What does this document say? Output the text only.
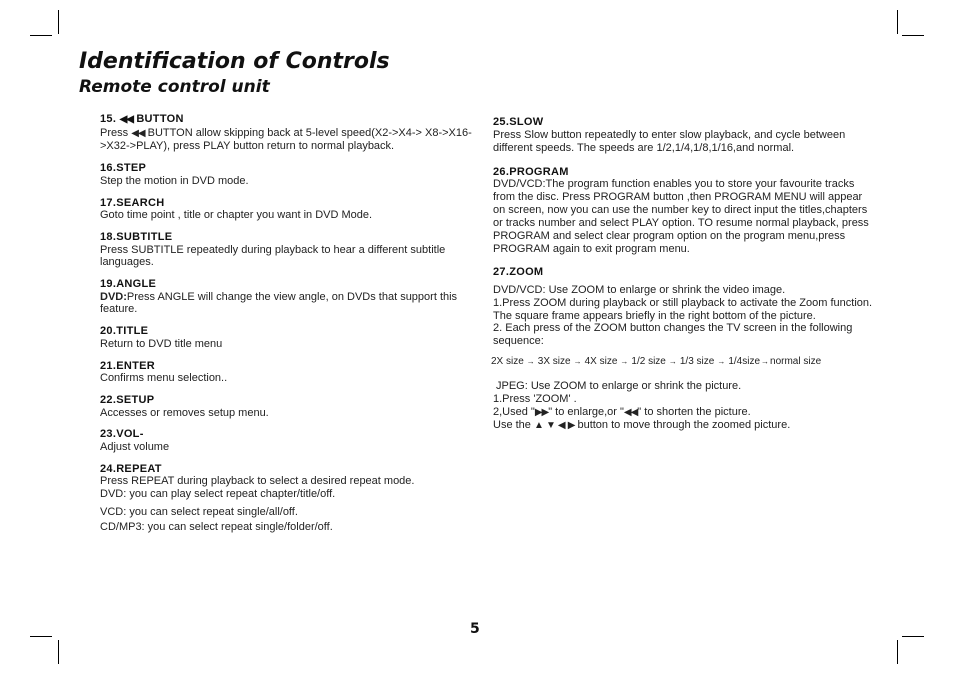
Identification of Controls
Remote control unit
15. ◀◀ BUTTON
Press ◀◀ BUTTON allow skipping back at 5-level speed(X2->X4-> X8->X16->X32->PLAY), press PLAY button return to normal playback.
16.STEP
Step the motion in DVD mode.
17.SEARCH
Goto time point , title or chapter you want in DVD Mode.
18.SUBTITLE
Press SUBTITLE repeatedly during playback to hear a different subtitle languages.
19.ANGLE
DVD:Press ANGLE will change the view angle, on DVDs that support this feature.
20.TITLE
Return to DVD title menu
21.ENTER
Confirms menu selection..
22.SETUP
Accesses or removes setup menu.
23.VOL-
Adjust volume
24.REPEAT
Press REPEAT during playback to select a desired repeat mode.
DVD: you can play select repeat chapter/title/off.
VCD: you can select repeat single/all/off.
CD/MP3: you can select repeat single/folder/off.
25.SLOW
Press Slow button repeatedly to enter slow playback, and cycle between different speeds. The speeds are 1/2,1/4,1/8,1/16,and normal.
26.PROGRAM
DVD/VCD:The program function enables you to store your favourite tracks from the disc. Press PROGRAM button ,then PROGRAM MENU will appear on screen, now you can use the number key to direct input the titles,chapters or tracks number and select PLAY option. TO resume normal playback, press PROGRAM and select clear program option on the program menu,press PROGRAM again to exit program menu.
27.ZOOM
DVD/VCD: Use ZOOM to enlarge or shrink the video image.
1.Press ZOOM during playback or still playback to activate the Zoom function. The square frame appears briefly in the right bottom of the picture.
2. Each press of the ZOOM button changes the TV screen in the following sequence:
2X size → 3X size → 4X size → 1/2 size → 1/3 size → 1/4size→normal size
JPEG: Use ZOOM to enlarge or shrink the picture.
1.Press 'ZOOM' .
2,Used "▶▶" to enlarge,or "◀◀" to shorten the picture.
Use the ▲ ▼ ◀ ▶ button to move through the zoomed picture.
5
